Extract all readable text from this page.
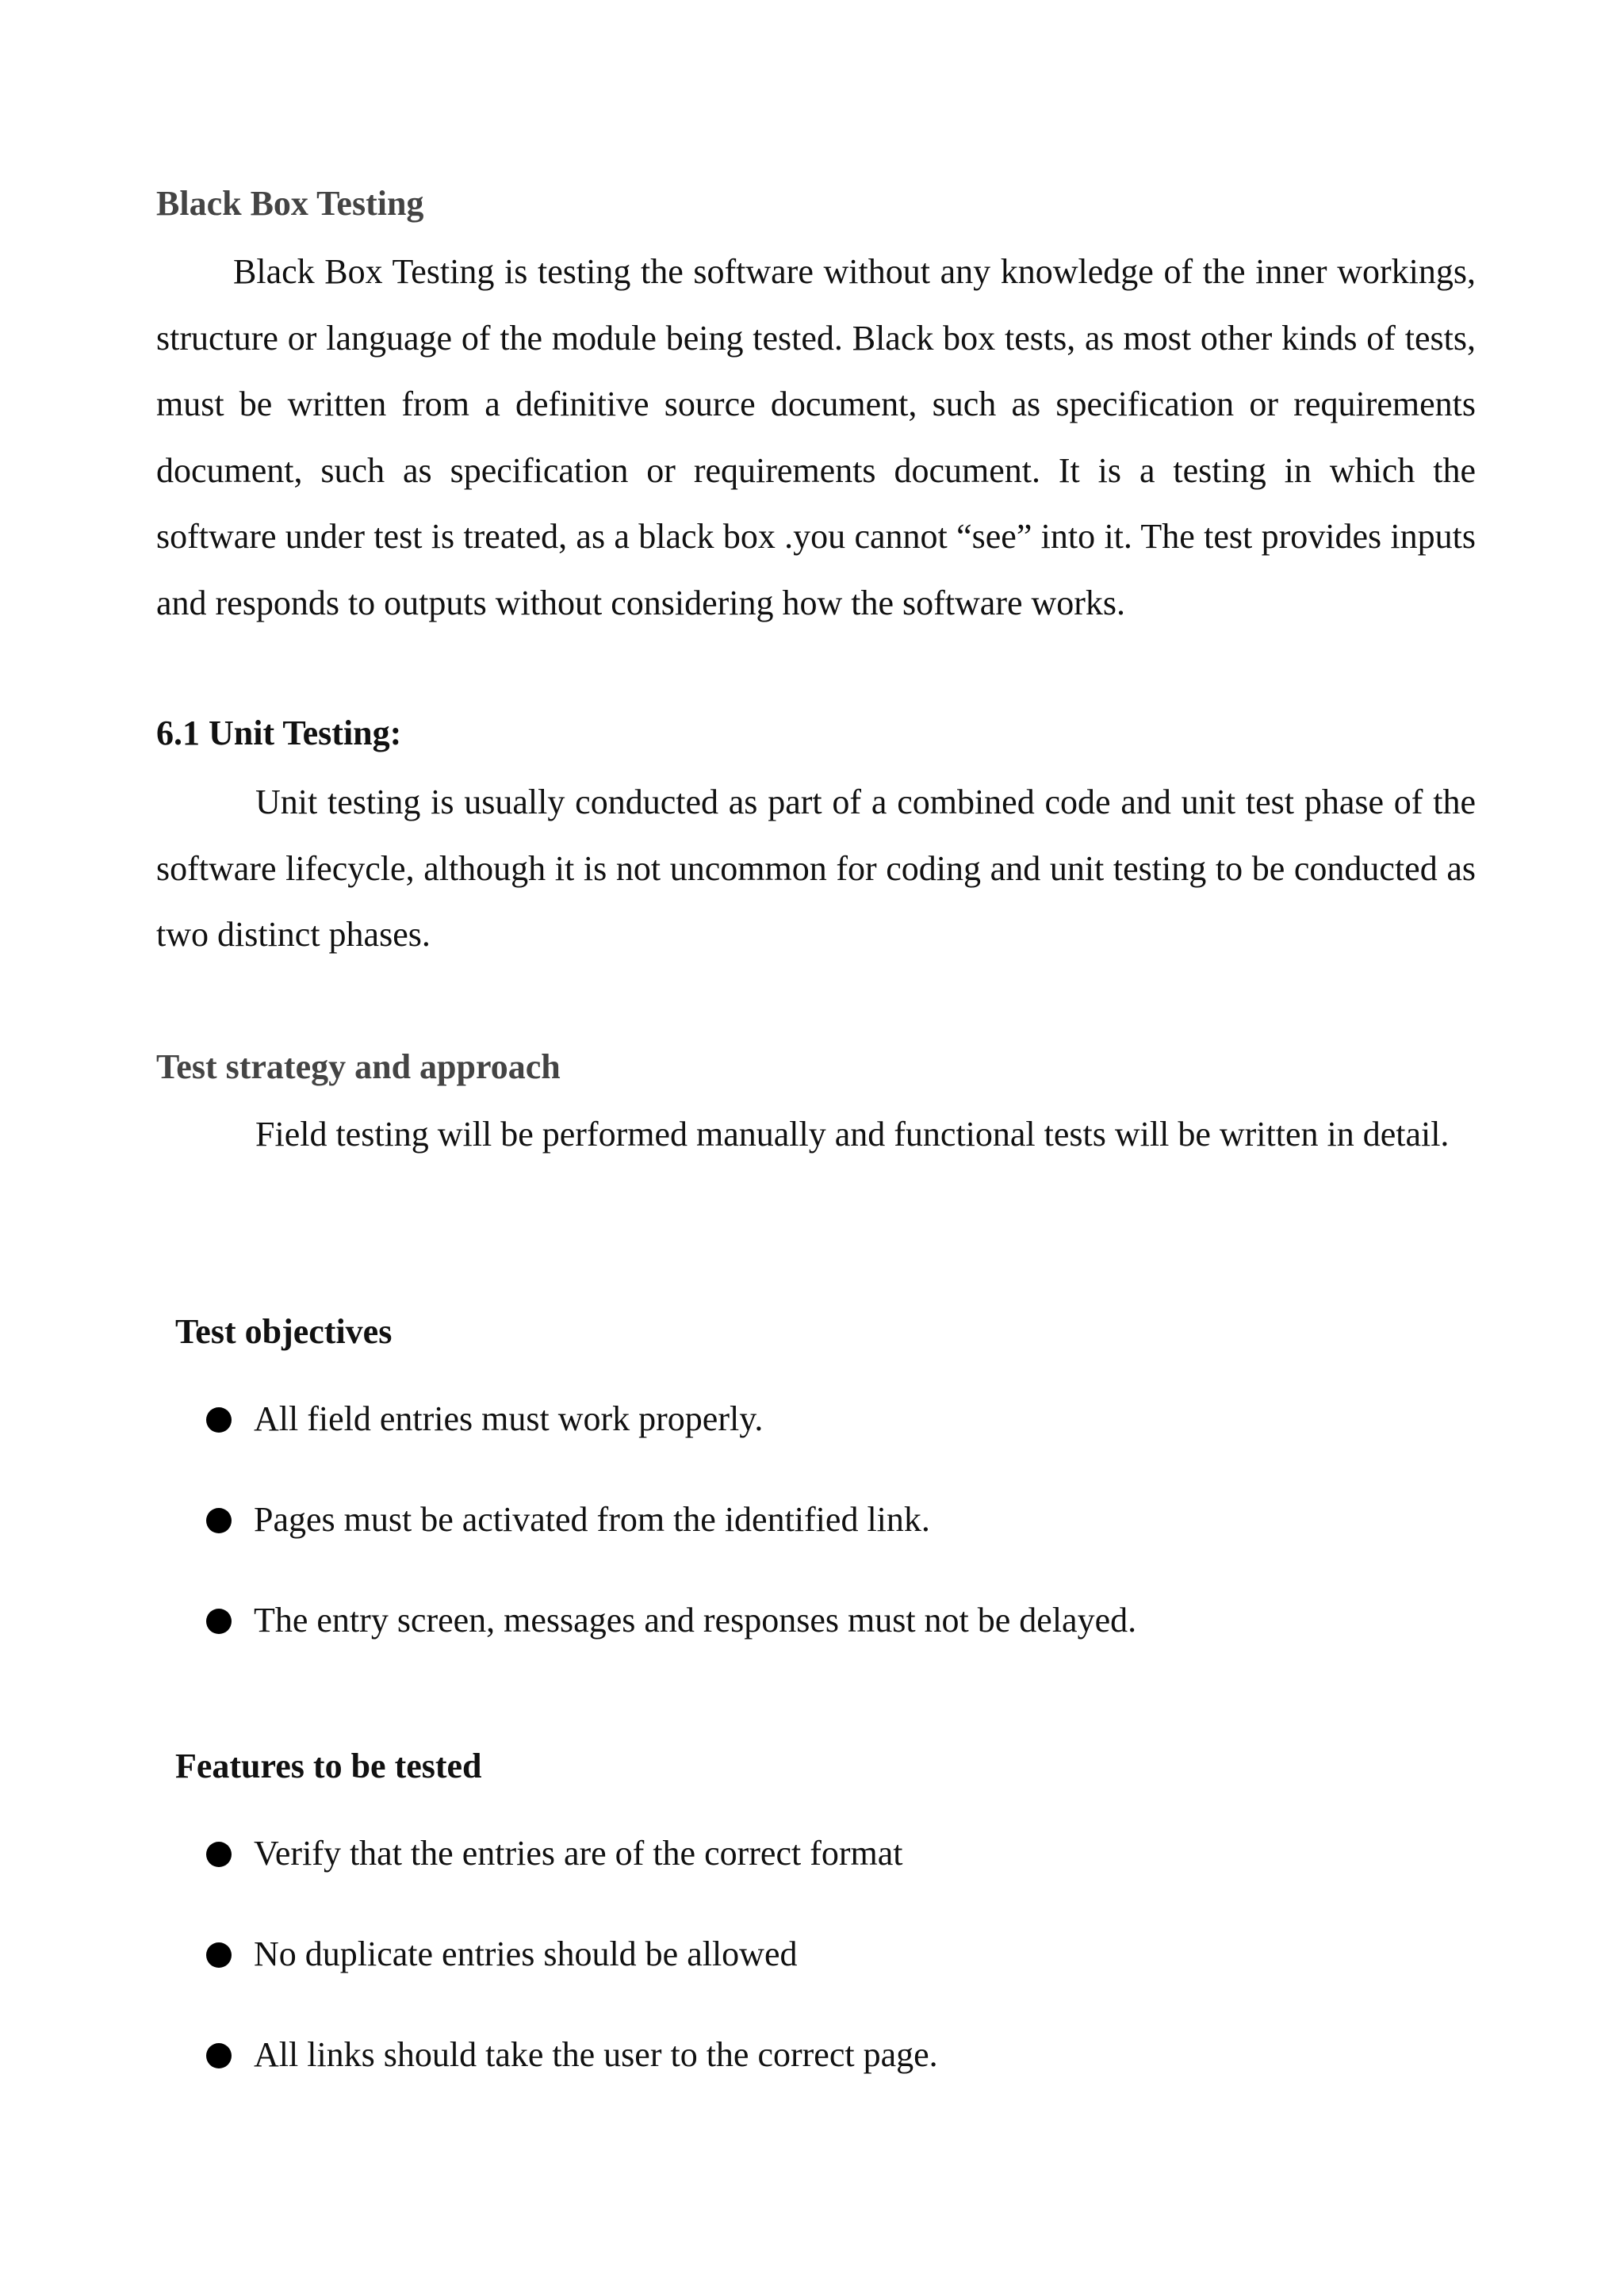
Black Box Testing

Black Box Testing is testing the software without any knowledge of the inner workings, structure or language of the module being tested. Black box tests, as most other kinds of tests, must be written from a definitive source document, such as specification or requirements document, such as specification or requirements document. It is a testing in which the software under test is treated, as a black box .you cannot “see” into it. The test provides inputs and responds to outputs without considering how the software works.

6.1 Unit Testing:

Unit testing is usually conducted as part of a combined code and unit test phase of the software lifecycle, although it is not uncommon for coding and unit testing to be conducted as two distinct phases.

Test strategy and approach

Field testing will be performed manually and functional tests will be written in detail.

Test objectives
All field entries must work properly.
Pages must be activated from the identified link.
The entry screen, messages and responses must not be delayed.
Features to be tested
Verify that the entries are of the correct format
No duplicate entries should be allowed
All links should take the user to the correct page.
